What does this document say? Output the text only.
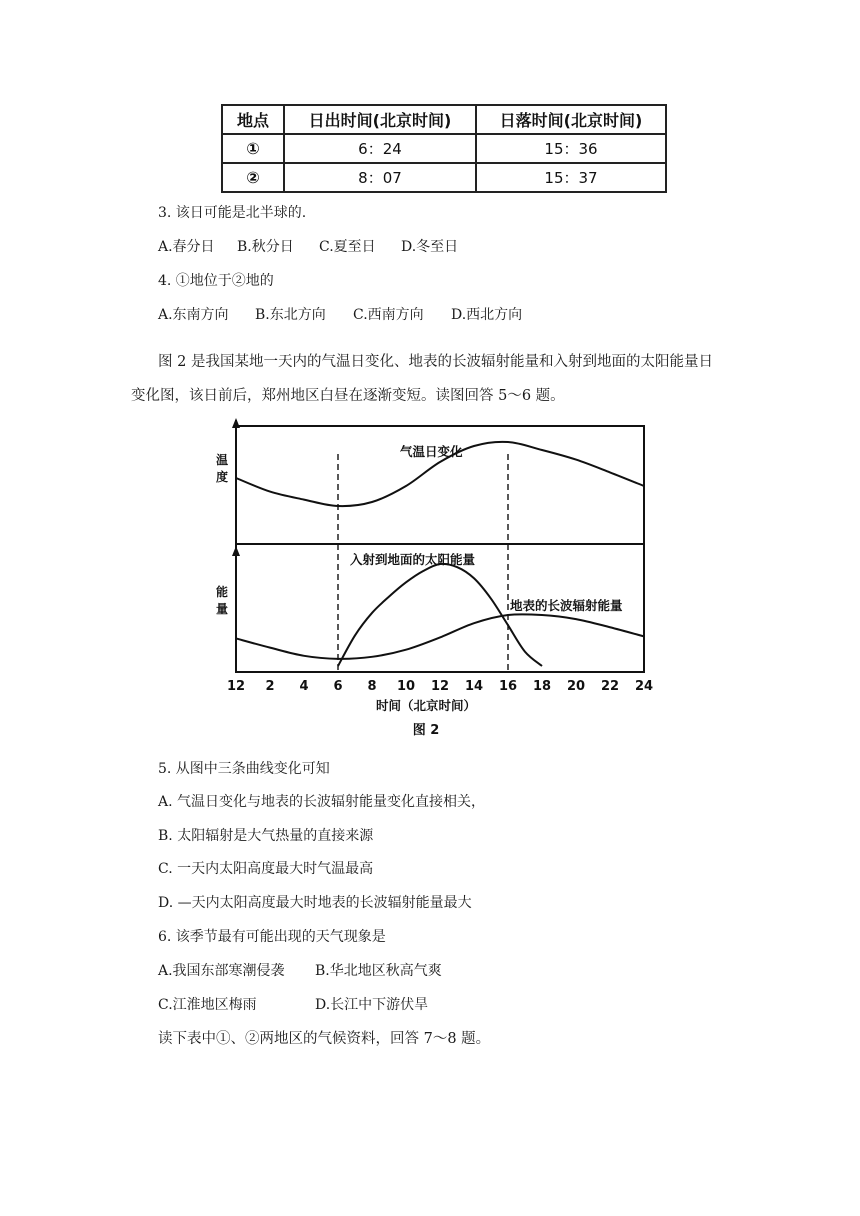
地点	日出时间(北京时间)	日落时间(北京时间)
①	6：24	15：36
②	8：07	15：37
3. 该日可能是北半球的.
A.春分日 B.秋分日 C.夏至日 D.冬至日
4. ①地位于②地的
A.东南方向 B.东北方向 C.西南方向 D.西北方向
图 2 是我国某地一天内的气温日变化、地表的长波辐射能量和入射到地面的太阳能量日
变化图，该日前后，郑州地区白昼在逐渐变短。读图回答 5～6 题。
温
度
能
量
时间（北京时间）
图 2
气温日变化
入射到地面的太阳能量
地表的长波辐射能量
12 2 4 6 8 10 12 14 16 18 20 22 24
5. 从图中三条曲线变化可知
A. 气温日变化与地表的长波辐射能量变化直接相关，
B. 太阳辐射是大气热量的直接来源
C. 一天内太阳高度最大时气温最高
D. —天内太阳高度最大时地表的长波辐射能量最大
6. 该季节最有可能出现的天气现象是
A.我国东部寒潮侵袭 B.华北地区秋高气爽
C.江淮地区梅雨	D.长江中下游伏旱
读下表中①、②两地区的气候资料，回答 7～8 题。
